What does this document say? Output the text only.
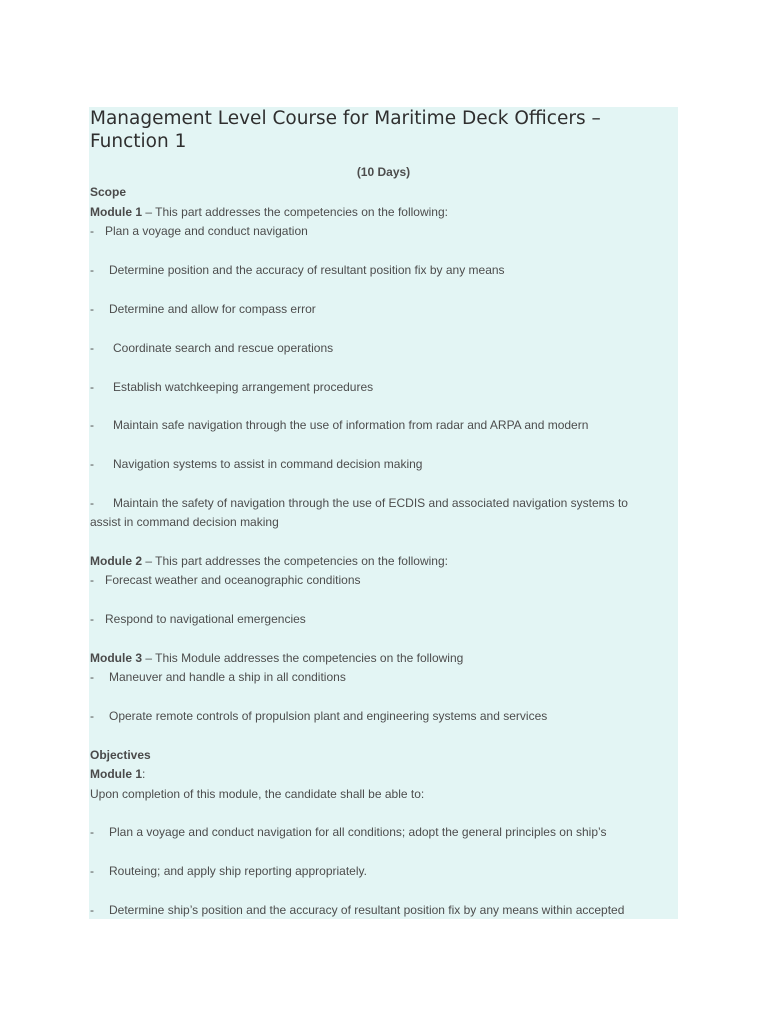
Management Level Course for Maritime Deck Officers – Function 1
(10 Days)
Scope
Module 1 – This part addresses the competencies on the following:
- Plan a voyage and conduct navigation
- Determine position and the accuracy of resultant position fix by any means
- Determine and allow for compass error
- Coordinate search and rescue operations
- Establish watchkeeping arrangement procedures
- Maintain safe navigation through the use of information from radar and ARPA and modern
- Navigation systems to assist in command decision making
- Maintain the safety of navigation through the use of ECDIS and associated navigation systems to assist in command decision making
Module 2 – This part addresses the competencies on the following:
- Forecast weather and oceanographic conditions
- Respond to navigational emergencies
Module 3 – This Module addresses the competencies on the following
- Maneuver and handle a ship in all conditions
- Operate remote controls of propulsion plant and engineering systems and services
Objectives
Module 1:
Upon completion of this module, the candidate shall be able to:
- Plan a voyage and conduct navigation for all conditions; adopt the general principles on ship’s
- Routeing; and apply ship reporting appropriately.
- Determine ship’s position and the accuracy of resultant position fix by any means within accepted
